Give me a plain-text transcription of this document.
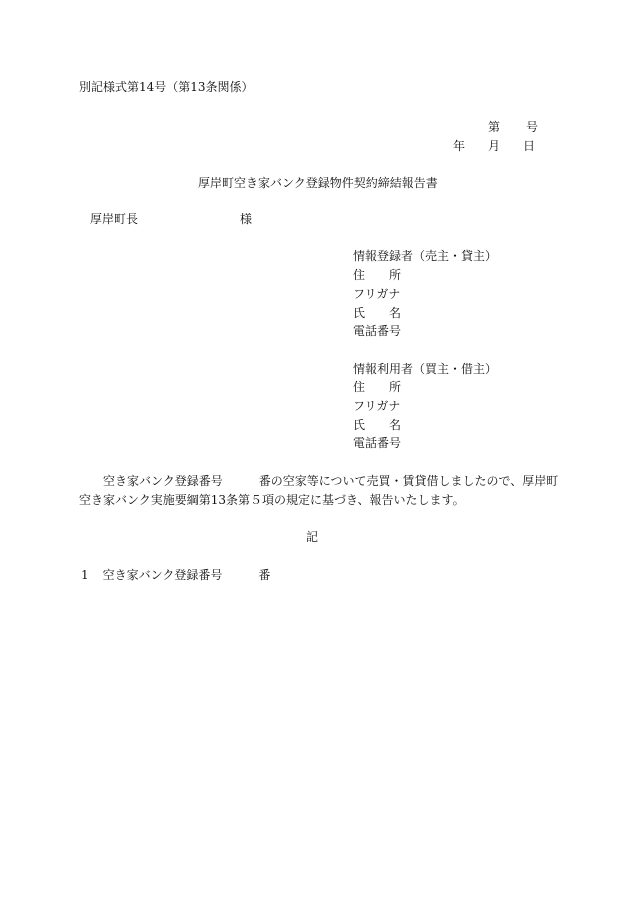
別記様式第14号（第13条関係）
第 号
年 月 日
厚岸町空き家バンク登録物件契約締結報告書
厚岸町長	様
情報登録者（売主・貸主）
住　　所
フリガナ
氏　　名
電話番号
情報利用者（買主・借主）
住　　所
フリガナ
氏　　名
電話番号
空き家バンク登録番号	番の空家等について売買・賃貸借しましたので、厚岸町
空き家バンク実施要綱第13条第５項の規定に基づき、報告いたします。
記
1 空き家バンク登録番号	番
